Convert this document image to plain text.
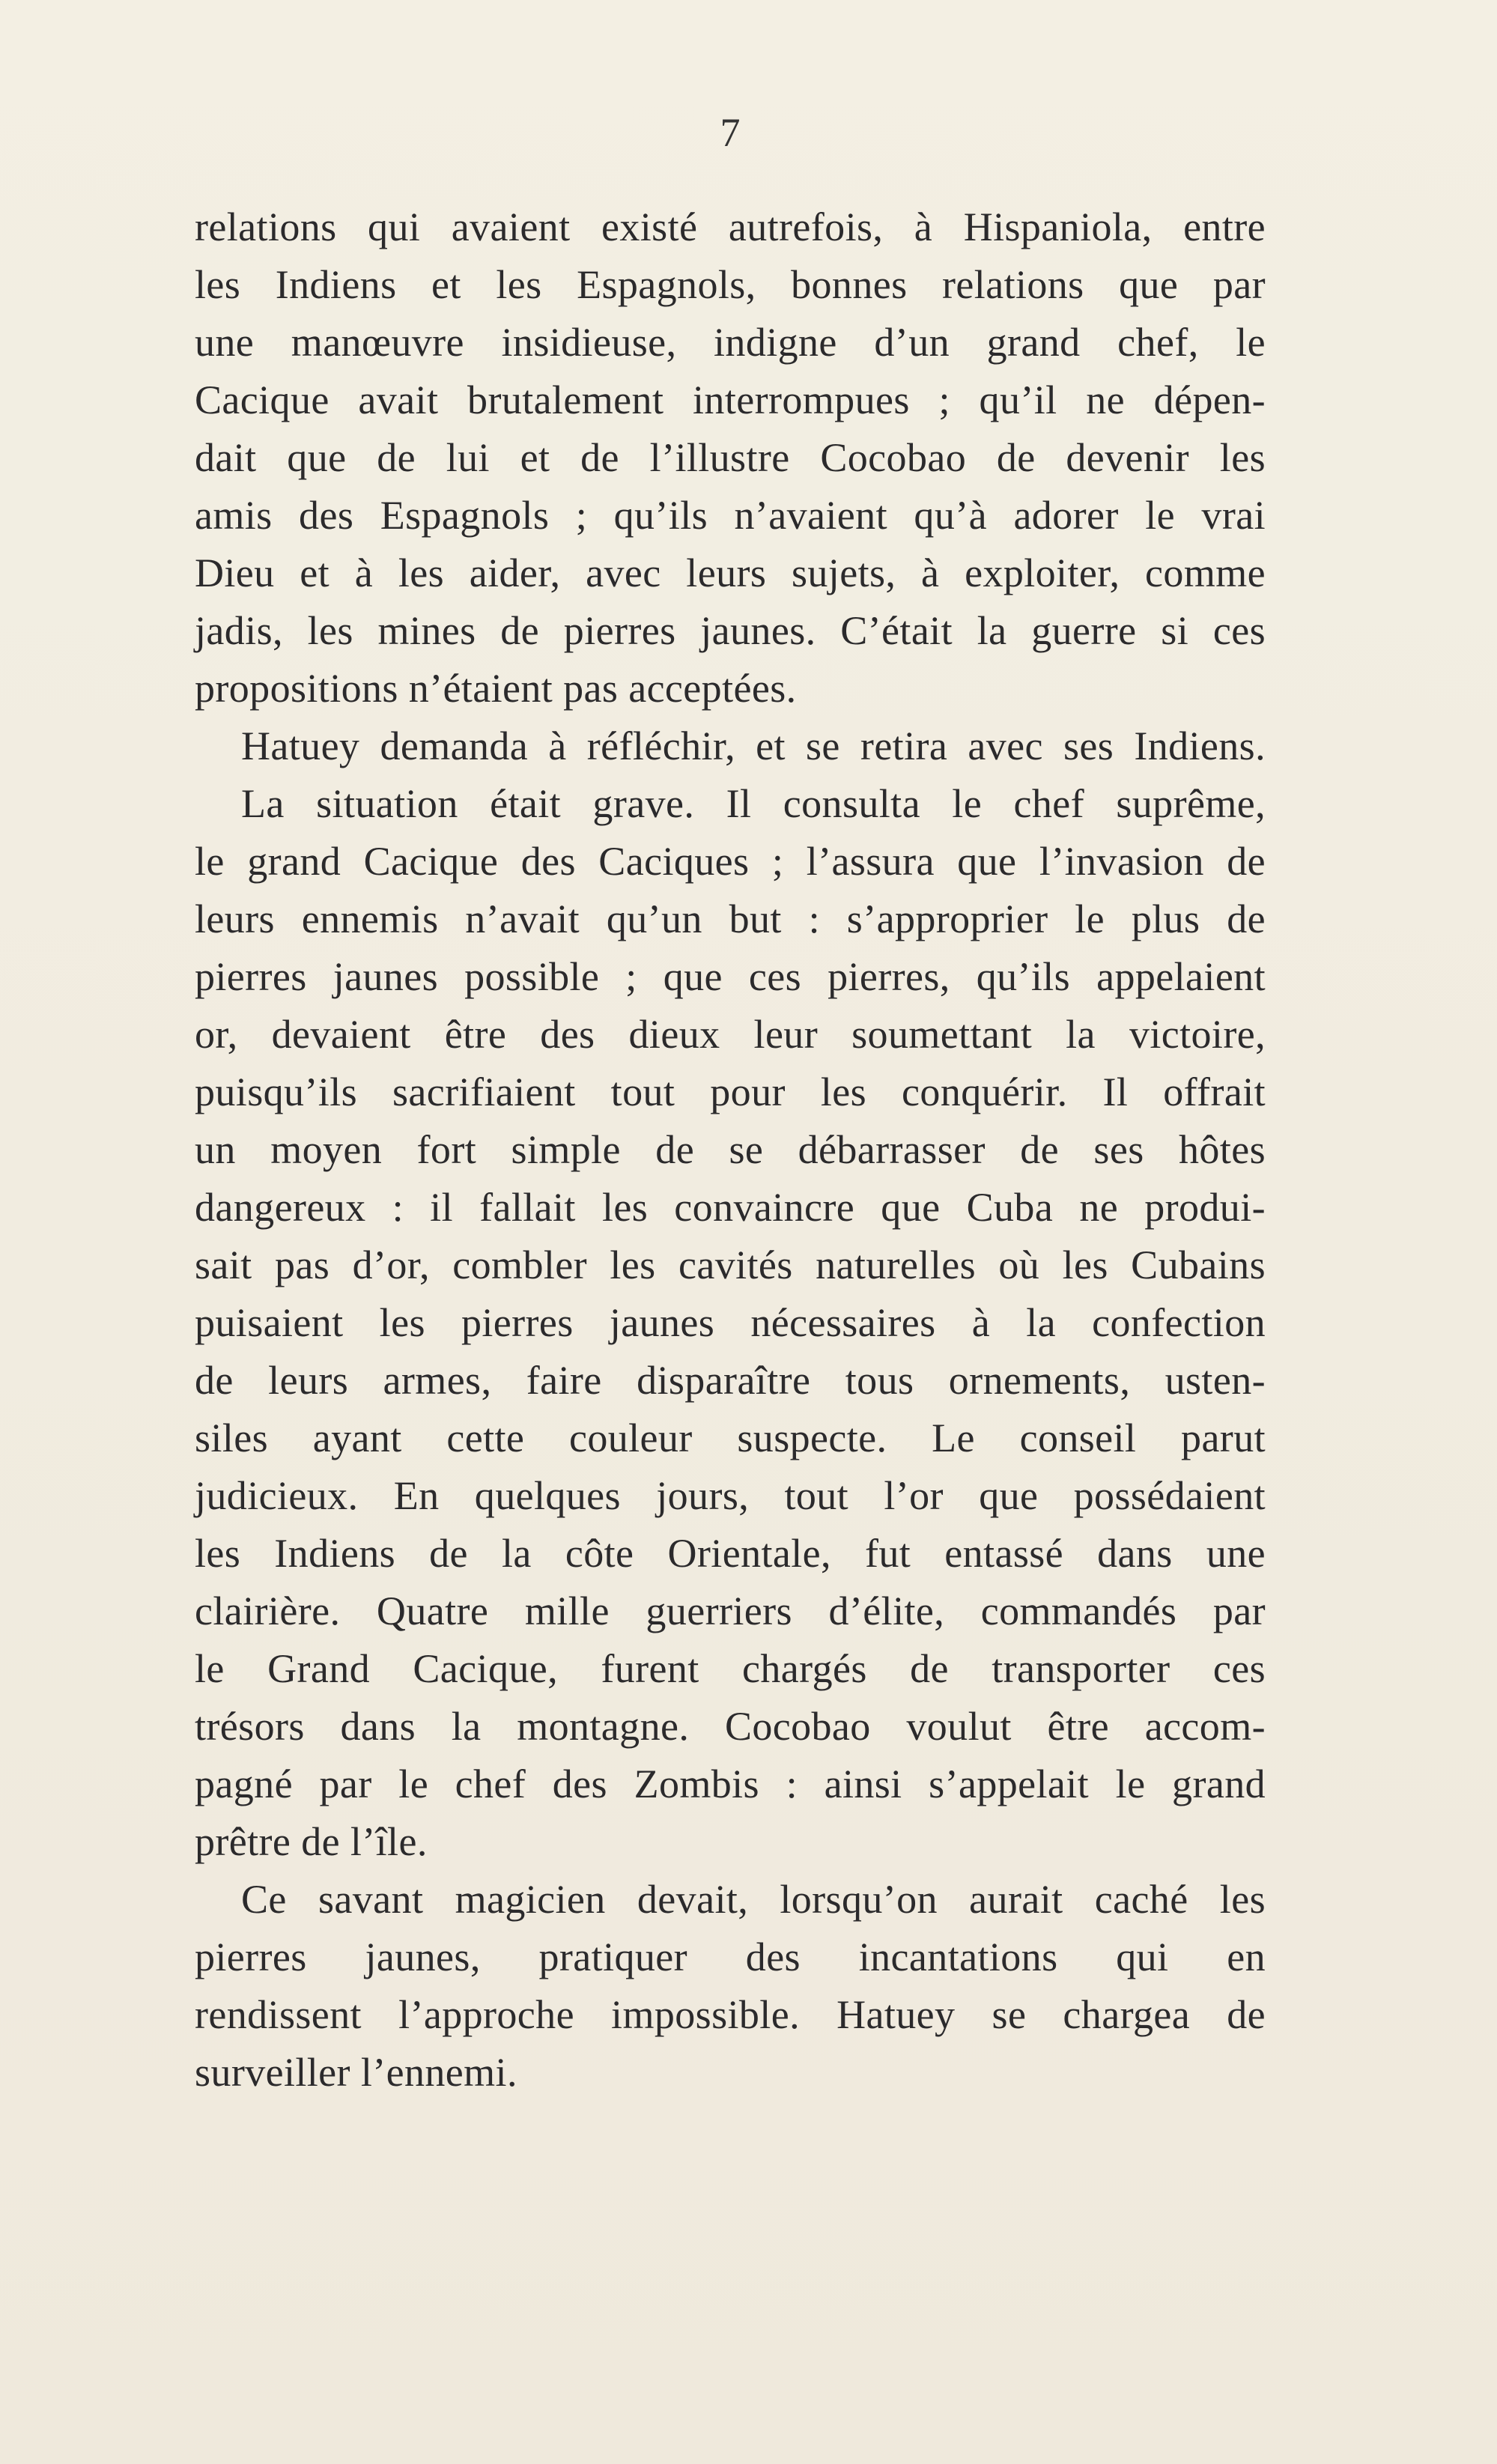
7
relations qui avaient existé autrefois, à Hispaniola, entre
les Indiens et les Espagnols, bonnes relations que par
une manœuvre insidieuse, indigne d’un grand chef, le
Cacique avait brutalement interrompues ; qu’il ne dépen-
dait que de lui et de l’illustre Cocobao de devenir les
amis des Espagnols ; qu’ils n’avaient qu’à adorer le vrai
Dieu et à les aider, avec leurs sujets, à exploiter, comme
jadis, les mines de pierres jaunes. C’était la guerre si ces
propositions n’étaient pas acceptées.
Hatuey demanda à réfléchir, et se retira avec ses Indiens.
La situation était grave. Il consulta le chef suprême,
le grand Cacique des Caciques ; l’assura que l’invasion de
leurs ennemis n’avait qu’un but : s’approprier le plus de
pierres jaunes possible ; que ces pierres, qu’ils appelaient
or, devaient être des dieux leur soumettant la victoire,
puisqu’ils sacrifiaient tout pour les conquérir. Il offrait
un moyen fort simple de se débarrasser de ses hôtes
dangereux : il fallait les convaincre que Cuba ne produi-
sait pas d’or, combler les cavités naturelles où les Cubains
puisaient les pierres jaunes nécessaires à la confection
de leurs armes, faire disparaître tous ornements, usten-
siles ayant cette couleur suspecte. Le conseil parut
judicieux. En quelques jours, tout l’or que possédaient
les Indiens de la côte Orientale, fut entassé dans une
clairière. Quatre mille guerriers d’élite, commandés par
le Grand Cacique, furent chargés de transporter ces
trésors dans la montagne. Cocobao voulut être accom-
pagné par le chef des Zombis : ainsi s’appelait le grand
prêtre de l’île.
Ce savant magicien devait, lorsqu’on aurait caché les
pierres jaunes, pratiquer des incantations qui en
rendissent l’approche impossible. Hatuey se chargea de
surveiller l’ennemi.
